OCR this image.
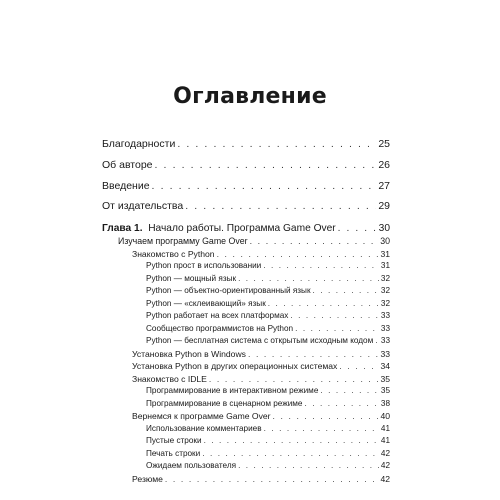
Оглавление
Благодарности . . .	25
Об авторе . . .	26
Введение . . .	27
От издательства . . .	29
Глава 1. Начало работы. Программа Game Over . . .	30
Изучаем программу Game Over . . .	30
Знакомство с Python . . .	31
Python прост в использовании . . .	31
Python — мощный язык . . .	32
Python — объектно-ориентированный язык . . .	32
Python — «склеивающий» язык . . .	32
Python работает на всех платформах . . .	33
Сообщество программистов на Python . . .	33
Python — бесплатная система с открытым исходным кодом . . . 33
Установка Python в Windows . . .	33
Установка Python в других операционных системах . . .	34
Знакомство с IDLE . . .	35
Программирование в интерактивном режиме . . .	35
Программирование в сценарном режиме . . .	38
Вернемся к программе Game Over . . .	40
Использование комментариев . . .	41
Пустые строки . . .	41
Печать строки . . .	42
Ожидаем пользователя . . .	42
Резюме . . .	42
